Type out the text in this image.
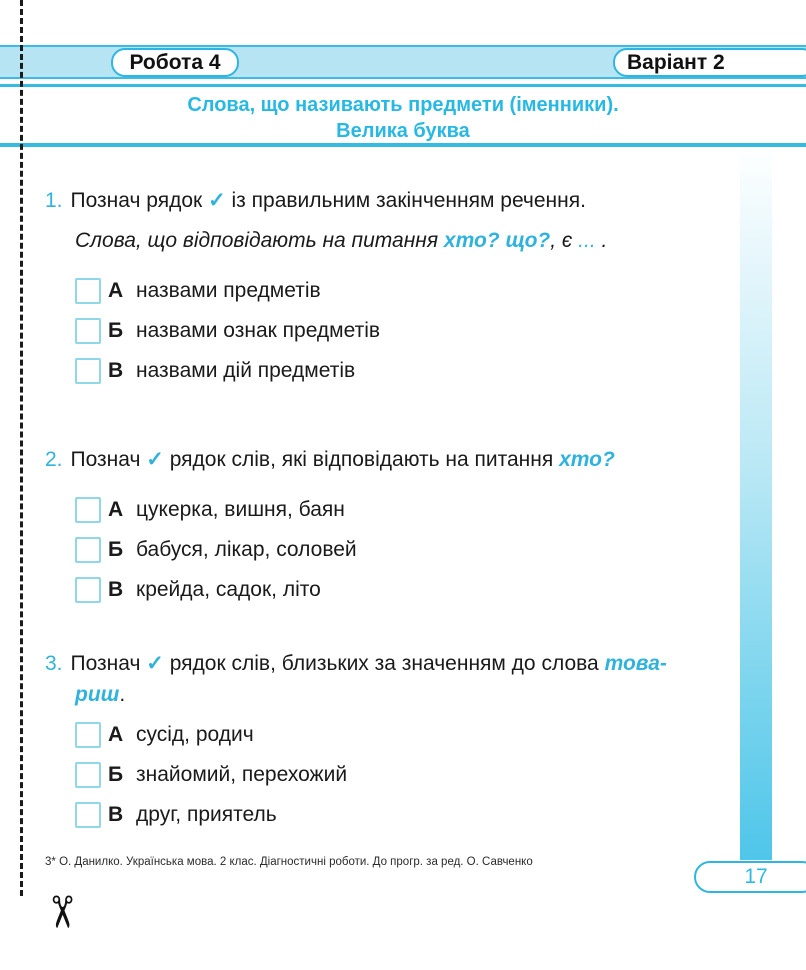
✂
Робота 4	Варіант 2
Слова, що називають предмети (іменники).
Велика буква
1. Познач рядок ✓ із правильним закінченням речення.
Слова, що відповідають на питання хто? що?, є ... .
А назвами предметів
Б назвами ознак предметів
В назвами дій предметів
2. Познач ✓ рядок слів, які відповідають на питання хто?
А цукерка, вишня, баян
Б бабуся, лікар, соловей
В крейда, садок, літо
3. Познач ✓ рядок слів, близьких за значенням до слова това-
риш.
А сусід, родич
Б знайомий, перехожий
В друг, приятель
3* О. Данилко. Українська мова. 2 клас. Діагностичні роботи. До прогр. за ред. О. Савченко
17
